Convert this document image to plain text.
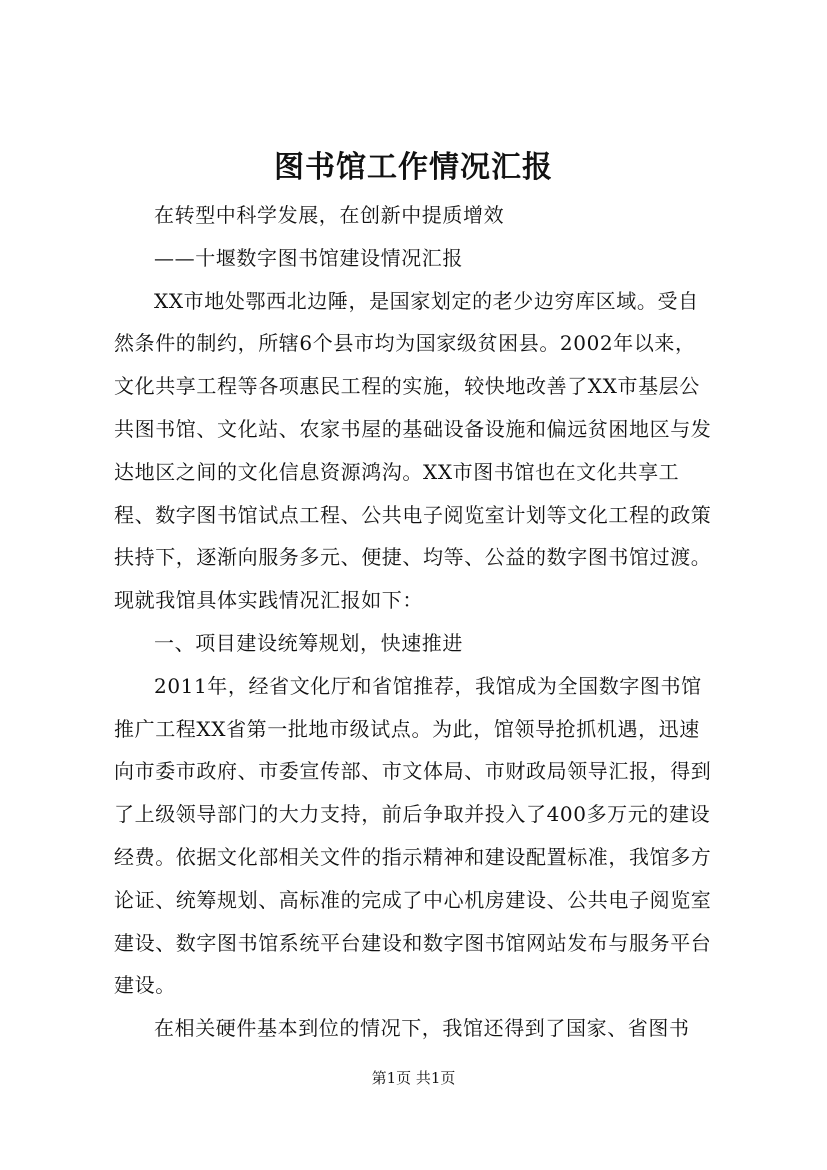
图书馆工作情况汇报

在转型中科学发展，在创新中提质增效

——十堰数字图书馆建设情况汇报

XX市地处鄂西北边陲，是国家划定的老少边穷库区域。受自然条件的制约，所辖6个县市均为国家级贫困县。2002年以来，文化共享工程等各项惠民工程的实施，较快地改善了XX市基层公共图书馆、文化站、农家书屋的基础设备设施和偏远贫困地区与发达地区之间的文化信息资源鸿沟。XX市图书馆也在文化共享工程、数字图书馆试点工程、公共电子阅览室计划等文化工程的政策扶持下，逐渐向服务多元、便捷、均等、公益的数字图书馆过渡。现就我馆具体实践情况汇报如下：

一、项目建设统筹规划，快速推进

2011年，经省文化厅和省馆推荐，我馆成为全国数字图书馆推广工程XX省第一批地市级试点。为此，馆领导抢抓机遇，迅速向市委市政府、市委宣传部、市文体局、市财政局领导汇报，得到了上级领导部门的大力支持，前后争取并投入了400多万元的建设经费。依据文化部相关文件的指示精神和建设配置标准，我馆多方论证、统筹规划、高标准的完成了中心机房建设、公共电子阅览室建设、数字图书馆系统平台建设和数字图书馆网站发布与服务平台建设。

在相关硬件基本到位的情况下，我馆还得到了国家、省图书

第1页 共1页
